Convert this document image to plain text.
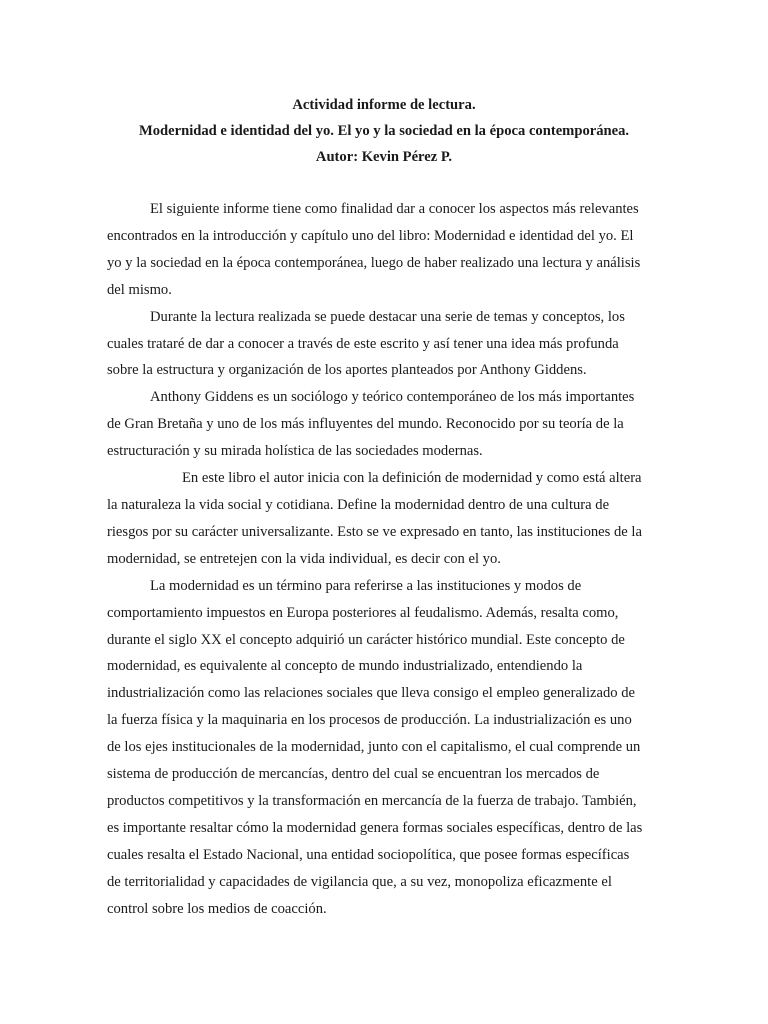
Actividad informe de lectura.
Modernidad e identidad del yo. El yo y la sociedad en la época contemporánea.
Autor: Kevin Pérez P.
El siguiente informe tiene como finalidad dar a conocer los aspectos más relevantes
encontrados en la introducción y capítulo uno del libro: Modernidad e identidad del yo. El
yo y la sociedad en la época contemporánea, luego de haber realizado una lectura y análisis
del mismo.
Durante la lectura realizada se puede destacar una serie de temas y conceptos, los
cuales trataré de dar a conocer a través de este escrito y así tener una idea más profunda
sobre la estructura y organización de los aportes planteados por Anthony Giddens.
Anthony Giddens es un sociólogo y teórico contemporáneo de los más importantes
de Gran Bretaña y uno de los más influyentes del mundo. Reconocido por su teoría de la
estructuración y su mirada holística de las sociedades modernas.
En este libro el autor inicia con la definición de modernidad y como está altera
la naturaleza la vida social y cotidiana. Define la modernidad dentro de una cultura de
riesgos por su carácter universalizante. Esto se ve expresado en tanto, las instituciones de la
modernidad, se entretejen con la vida individual, es decir con el yo.
La modernidad es un término para referirse a las instituciones y modos de
comportamiento impuestos en Europa posteriores al feudalismo. Además, resalta como,
durante el siglo XX el concepto adquirió un carácter histórico mundial. Este concepto de
modernidad, es equivalente al concepto de mundo industrializado, entendiendo la
industrialización como las relaciones sociales que lleva consigo el empleo generalizado de
la fuerza física y la maquinaria en los procesos de producción. La industrialización es uno
de los ejes institucionales de la modernidad, junto con el capitalismo, el cual comprende un
sistema de producción de mercancías, dentro del cual se encuentran los mercados de
productos competitivos y la transformación en mercancía de la fuerza de trabajo. También,
es importante resaltar cómo la modernidad genera formas sociales específicas, dentro de las
cuales resalta el Estado Nacional, una entidad sociopolítica, que posee formas específicas
de territorialidad y capacidades de vigilancia que, a su vez, monopoliza eficazmente el
control sobre los medios de coacción.
